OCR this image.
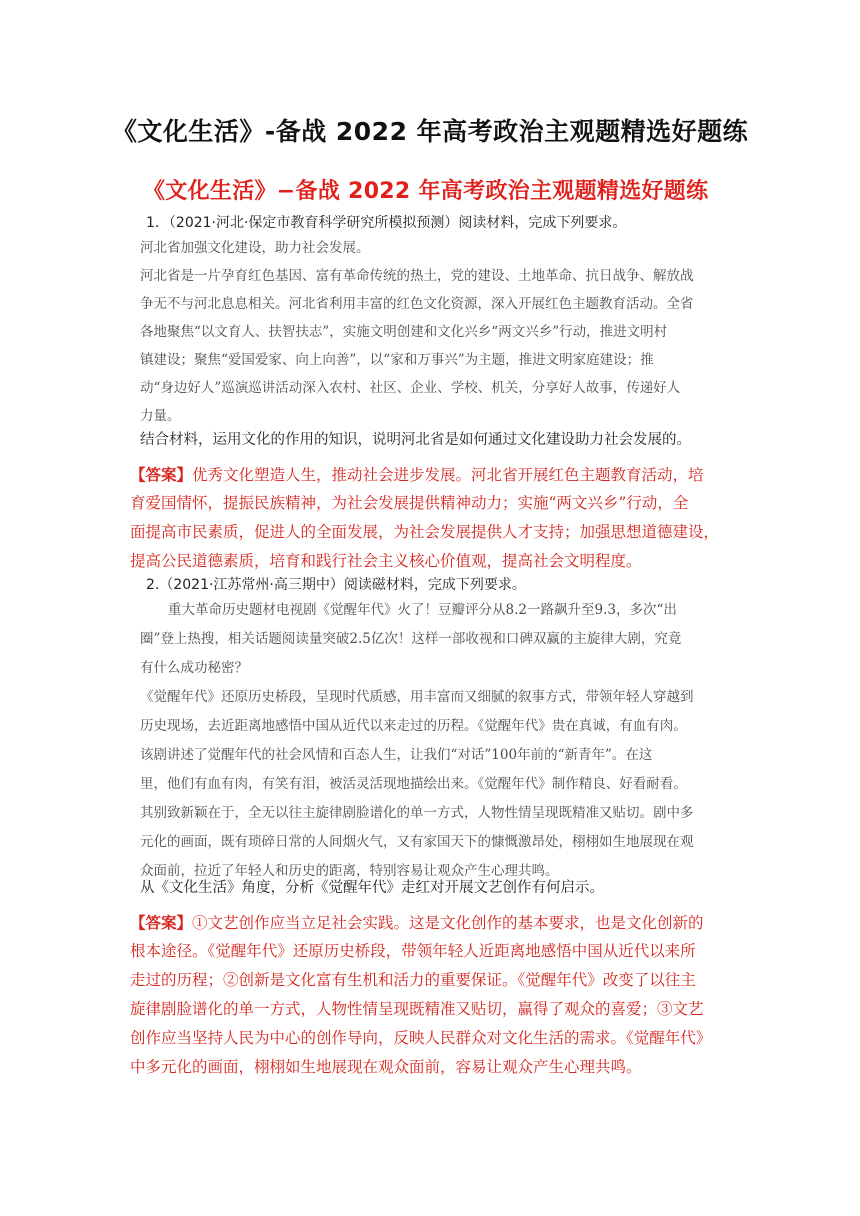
《文化生活》-备战 2022 年高考政治主观题精选好题练
《文化生活》−备战 2022 年高考政治主观题精选好题练
1．（2021·河北·保定市教育科学研究所模拟预测）阅读材料，完成下列要求。
河北省加强文化建设，助力社会发展。
河北省是一片孕育红色基因、富有革命传统的热土，党的建设、土地革命、抗日战争、解放战
争无不与河北息息相关。河北省利用丰富的红色文化资源，深入开展红色主题教育活动。全省
各地聚焦“以文育人、扶智扶志”，实施文明创建和文化兴乡“两文兴乡”行动，推进文明村
镇建设；聚焦“爱国爱家、向上向善”，以“家和万事兴”为主题，推进文明家庭建设；推
动“身边好人”巡演巡讲活动深入农村、社区、企业、学校、机关，分享好人故事，传递好人
力量。
结合材料，运用文化的作用的知识，说明河北省是如何通过文化建设助力社会发展的。
【答案】优秀文化塑造人生，推动社会进步发展。河北省开展红色主题教育活动，培
育爱国情怀，提振民族精神，为社会发展提供精神动力；实施“两文兴乡”行动，全
面提高市民素质，促进人的全面发展，为社会发展提供人才支持；加强思想道德建设，
提高公民道德素质，培育和践行社会主义核心价值观，提高社会文明程度。
2.（2021·江苏常州·高三期中）阅读磁材料，完成下列要求。
重大革命历史题材电视剧《觉醒年代》火了！豆瓣评分从8.2一路飙升至9.3，多次“出
圈”登上热搜，相关话题阅读量突破2.5亿次！这样一部收视和口碑双赢的主旋律大剧，究竟
有什么成功秘密？
《觉醒年代》还原历史桥段，呈现时代质感，用丰富而又细腻的叙事方式，带领年轻人穿越到
历史现场，去近距离地感悟中国从近代以来走过的历程。《觉醒年代》贵在真诚，有血有肉。
该剧讲述了觉醒年代的社会风情和百态人生，让我们“对话”100年前的“新青年”。在这
里，他们有血有肉，有笑有泪，被活灵活现地描绘出来。《觉醒年代》制作精良、好看耐看。
其别致新颖在于，全无以往主旋律剧脸谱化的单一方式，人物性情呈现既精准又贴切。剧中多
元化的画面，既有琐碎日常的人间烟火气，又有家国天下的慷慨激昂处，栩栩如生地展现在观
众面前，拉近了年轻人和历史的距离，特别容易让观众产生心理共鸣。
从《文化生活》角度，分析《觉醒年代》走红对开展文艺创作有何启示。
【答案】①文艺创作应当立足社会实践。这是文化创作的基本要求，也是文化创新的
根本途径。《觉醒年代》还原历史桥段，带领年轻人近距离地感悟中国从近代以来所
走过的历程；②创新是文化富有生机和活力的重要保证。《觉醒年代》改变了以往主
旋律剧脸谱化的单一方式，人物性情呈现既精准又贴切，赢得了观众的喜爱；③文艺
创作应当坚持人民为中心的创作导向，反映人民群众对文化生活的需求。《觉醒年代》
中多元化的画面，栩栩如生地展现在观众面前，容易让观众产生心理共鸣。
